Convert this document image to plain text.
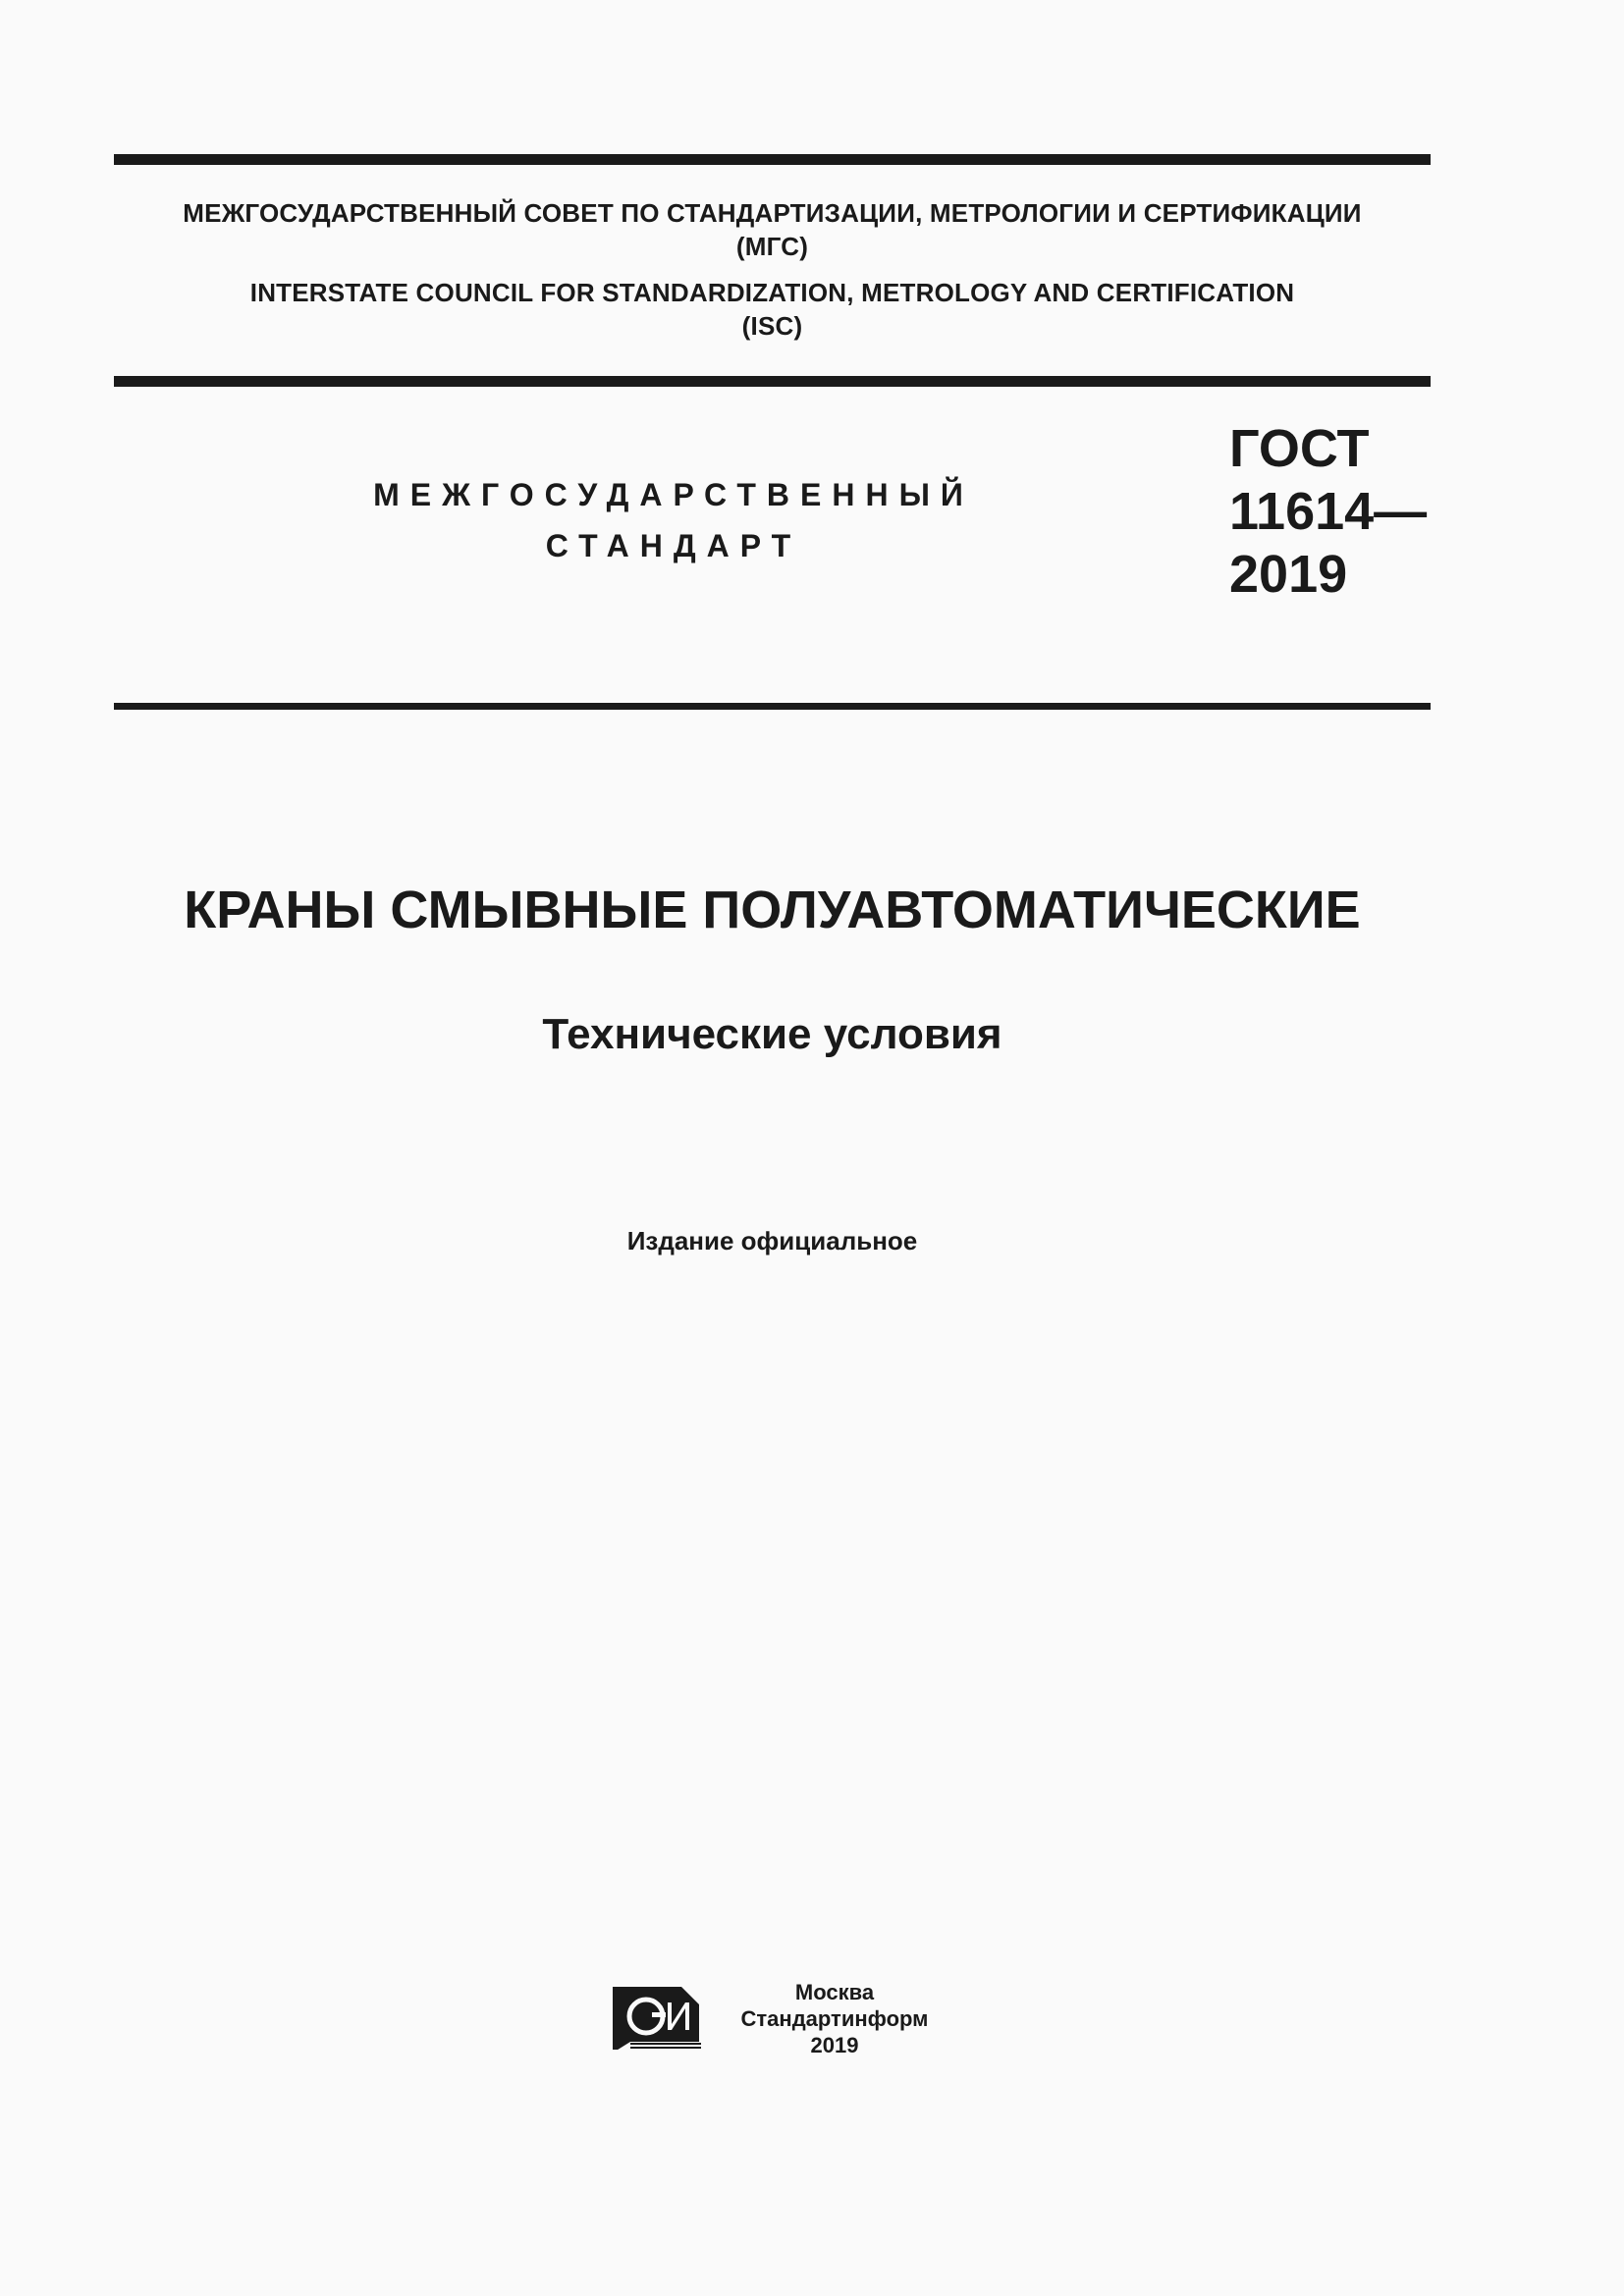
МЕЖГОСУДАРСТВЕННЫЙ СОВЕТ ПО СТАНДАРТИЗАЦИИ, МЕТРОЛОГИИ И СЕРТИФИКАЦИИ
(МГС)
INTERSTATE COUNCIL FOR STANDARDIZATION, METROLOGY AND CERTIFICATION
(ISC)
МЕЖГОСУДАРСТВЕННЫЙ
СТАНДАРТ
ГОСТ
11614—
2019
КРАНЫ СМЫВНЫЕ ПОЛУАВТОМАТИЧЕСКИЕ
Технические условия
Издание официальное
Москва
Стандартинформ
2019
